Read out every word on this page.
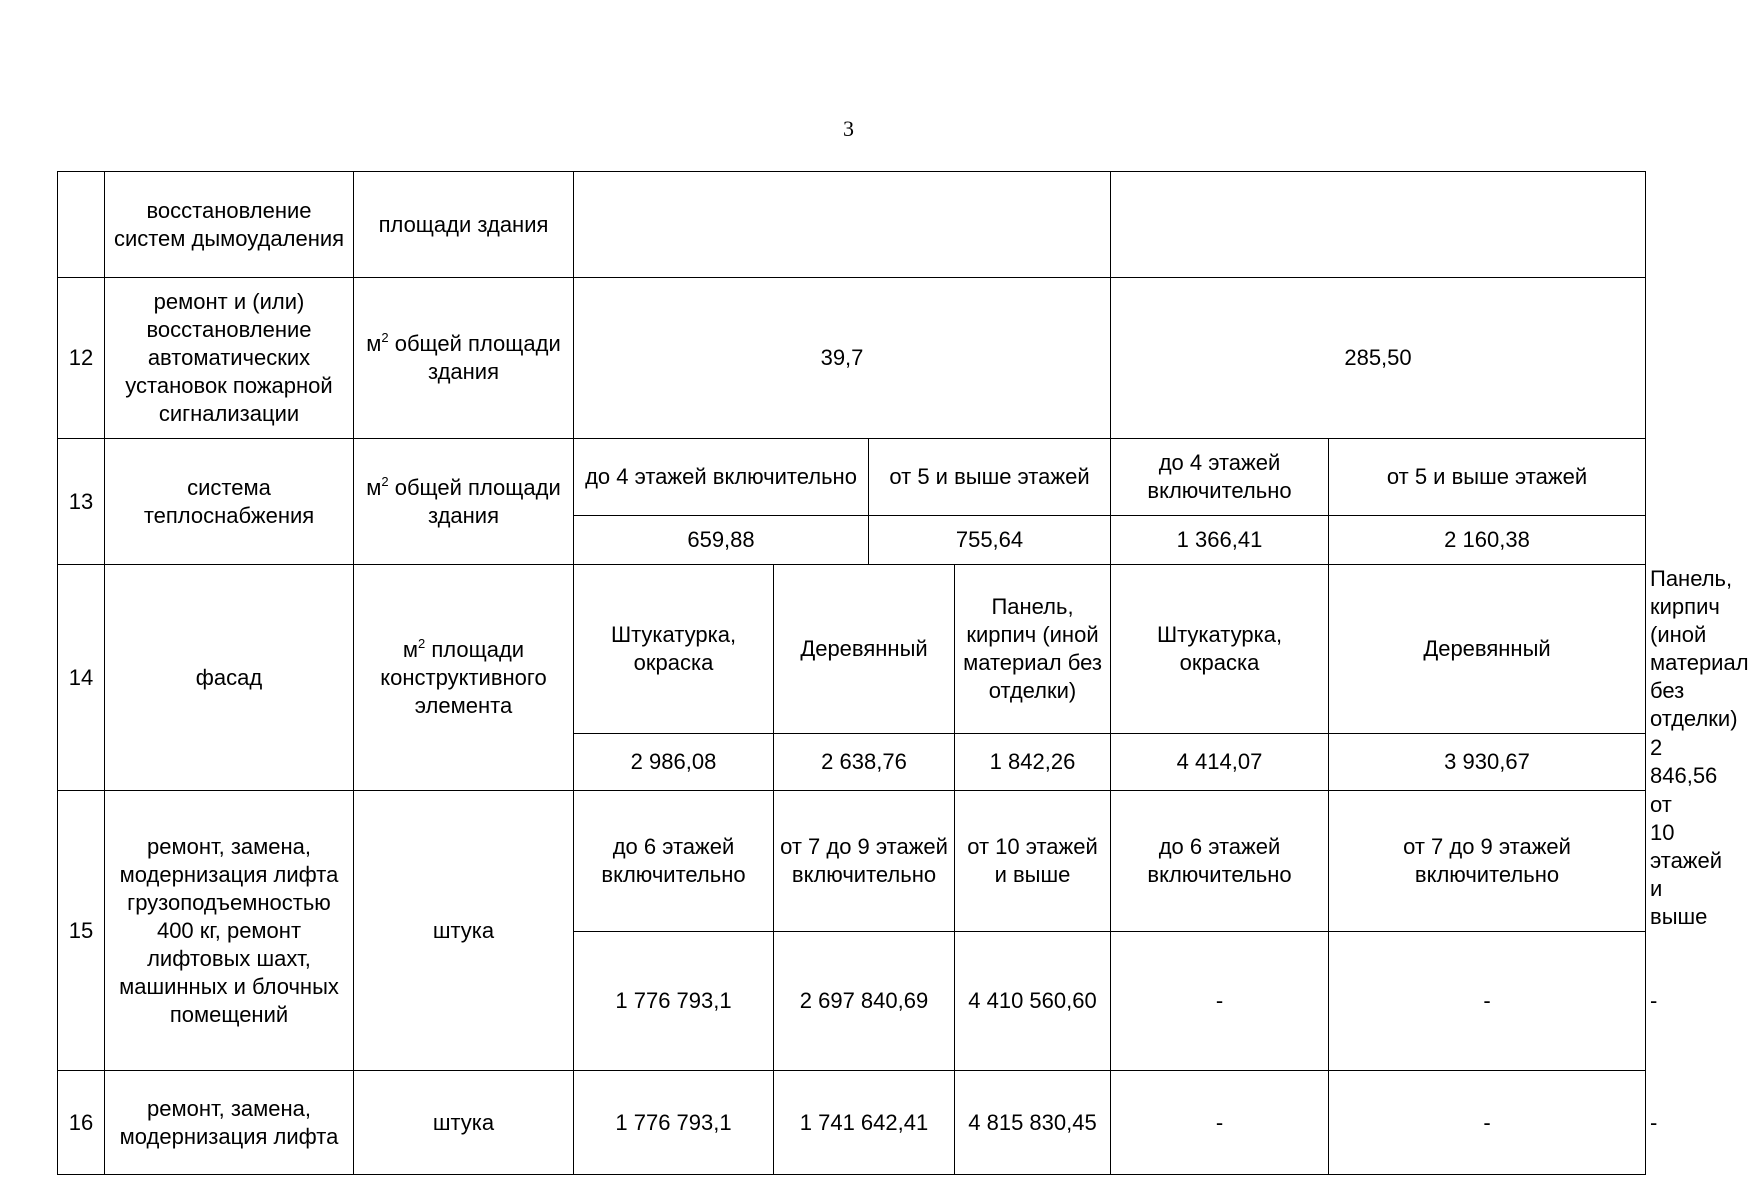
3
	восстановление систем дымоудаления	площади здания							
12	ремонт и (или) восстановление автоматических установок пожарной сигнализации	$м^2$ общей площади здания	39,7				285,50		
13	система теплоснабжения	$м^2$ общей площади здания	до 4 этажей включительно		от 5 и выше этажей		до 4 этажей включительно	от 5 и выше этажей	
			659,88		755,64		1 366,41	2 160,38	
14	фасад	$м^2$ площади конструктивного элемента	Штукатурка, окраска	Деревянный		Панель, кирпич (иной материал без отделки)	Штукатурка, окраска	Деревянный	Панель, кирпич (иной материал без отделки)
			2 986,08	2 638,76		1 842,26	4 414,07	3 930,67	2 846,56
15	ремонт, замена, модернизация лифта грузоподъемностью 400 кг, ремонт лифтовых шахт, машинных и блочных помещений	штука	до 6 этажей включительно	от 7 до 9 этажей включительно		от 10 этажей и выше	до 6 этажей включительно	от 7 до 9 этажей включительно	от 10 этажей и выше
			1 776 793,1	2 697 840,69		4 410 560,60	-	-	-
16	ремонт, замена, модернизация лифта	штука	1 776 793,1	1 741 642,41		4 815 830,45	-	-	-
